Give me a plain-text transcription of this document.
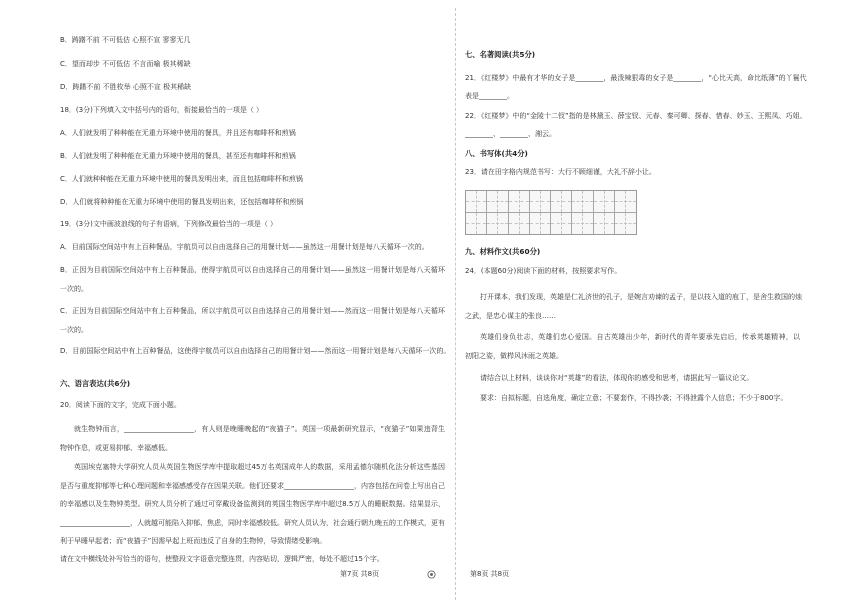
B．踌躇不前 不可低估 心照不宣 寥寥无几
C．望而却步 不可低估 不言而喻 极其稀缺
D．踌躇不前 不胜枚举 心照不宣 极其稀缺
18．(3分)下列填入文中括号内的语句，衔接最恰当的一项是（ ）
A．人们就发明了种种能在无重力环境中使用的餐具，并且还有咖啡杯和煎锅
B．人们就发明了种种能在无重力环境中使用的餐具，甚至还有咖啡杯和煎锅
C．人们就种种能在无重力环境中使用的餐具发明出来，而且包括咖啡杯和煎锅
D．人们就将种种能在无重力环境中使用的餐具发明出来，还包括咖啡杯和煎锅
19．(3分)文中画波浪线的句子有语病，下列修改最恰当的一项是（ ）
A．目前国际空间站中有上百种餐品，宇航员可以自由选择自己的用餐计划——虽然这一用餐计划是每八天循环一次的。
B．正因为目前国际空间站中有上百种餐品，使得宇航员可以自由选择自己的用餐计划——虽然这一用餐计划是每八天循环
一次的。
C．正因为目前国际空间站中有上百种餐品，所以宇航员可以自由选择自己的用餐计划——然而这一用餐计划是每八天循环
一次的。
D．目前国际空间站中有上百种餐品，这使得宇航员可以自由选择自己的用餐计划——然而这一用餐计划是每八天循环一次的。
六、语言表达(共6分)
20．阅读下面的文字，完成下面小题。
就生物钟而言，____________________，有人则是晚睡晚起的“夜猫子”。英国一项最新研究显示，“夜猫子”如果违背生
物钟作息，或更易抑郁、幸福感低。
英国埃克塞特大学研究人员从英国生物医学库中提取超过45万名英国成年人的数据，采用孟德尔随机化法分析这些基因
是否与重度抑郁等七种心理问题和幸福感感受存在因果关联。他们还要求____________________，内容包括在问卷上写出自己
的幸福感以及生物钟类型。研究人员分析了通过可穿戴设备监测到的英国生物医学库中超过8.5万人的睡眠数据。结果显示，
____________________，人就越可能陷入抑郁、焦虑，同时幸福感较低。研究人员认为，社会通行朝九晚五的工作模式，更有
利于早睡早起者；而“夜猫子”因需早起上班而违反了自身的生物钟，导致情绪受影响。
请在文中横线处补写恰当的语句，使整段文字语意完整连贯，内容贴切，逻辑严密，每处不超过15个字。
七、名著阅读(共5分)
21．《红楼梦》中最有才华的女子是________，最泼辣狠毒的女子是________，“心比天高，命比纸薄”的丫鬟代
表是________。
22．《红楼梦》中的“金陵十二钗”指的是林黛玉、薛宝钗、元春、秦可卿、探春、惜春、妙玉、王熙凤、巧姐、
________、________、湘云。
八、书写体(共4分)
23．请在田字格内规范书写：大行不顾细谨，大礼不辞小让。
九、材料作文(共60分)
24．(本题60分)阅读下面的材料，按照要求写作。
打开课本，我们发现，英雄是仁礼济世的孔子，是婉言劝谏的孟子，是以技入道的庖丁，是舍生救国的烛
之武，是忠心谋主的张良……
英雄们身负壮志，英雄们忠心爱国。自古英雄出少年，新时代的青年要承先启后，传承英雄精神，以
初阳之姿，做栉风沐雨之英雄。
请结合以上材料，谈谈你对“英雄”的看法，体现你的感受和思考，请据此写一篇议论文。
要求：自拟标题，自选角度，确定立意；不要套作，不得抄袭；不得泄露个人信息；不少于800字。
第7页 共8页	第8页 共8页
